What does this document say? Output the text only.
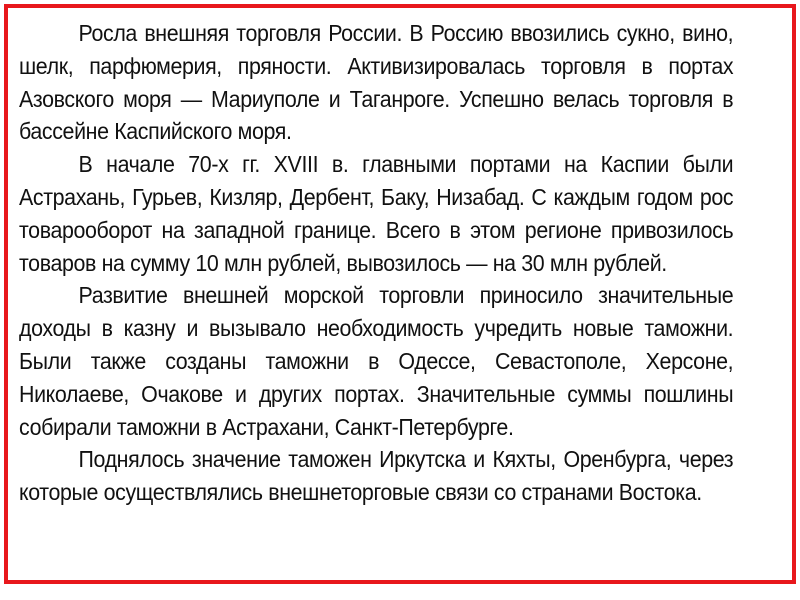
Росла внешняя торговля России. В Россию ввозились сукно, вино, шелк, парфюмерия, пряности. Активизировалась торговля в портах Азовского моря — Мариуполе и Таганроге. Успешно велась торговля в бассейне Каспийского моря.

В начале 70-х гг. XVIII в. главными портами на Каспии были Астрахань, Гурьев, Кизляр, Дербент, Баку, Низабад. С каждым годом рос товарооборот на западной границе. Всего в этом регионе привозилось товаров на сумму 10 млн рублей, вывозилось — на 30 млн рублей.

Развитие внешней морской торговли приносило значительные доходы в казну и вызывало необходимость учредить новые таможни. Были также созданы таможни в Одессе, Севастополе, Херсоне, Николаеве, Очакове и других портах. Значительные суммы пошлины собирали таможни в Астрахани, Санкт-Петербурге.

Поднялось значение таможен Иркутска и Кяхты, Оренбурга, через которые осуществлялись внешнеторговые связи со странами Востока.
